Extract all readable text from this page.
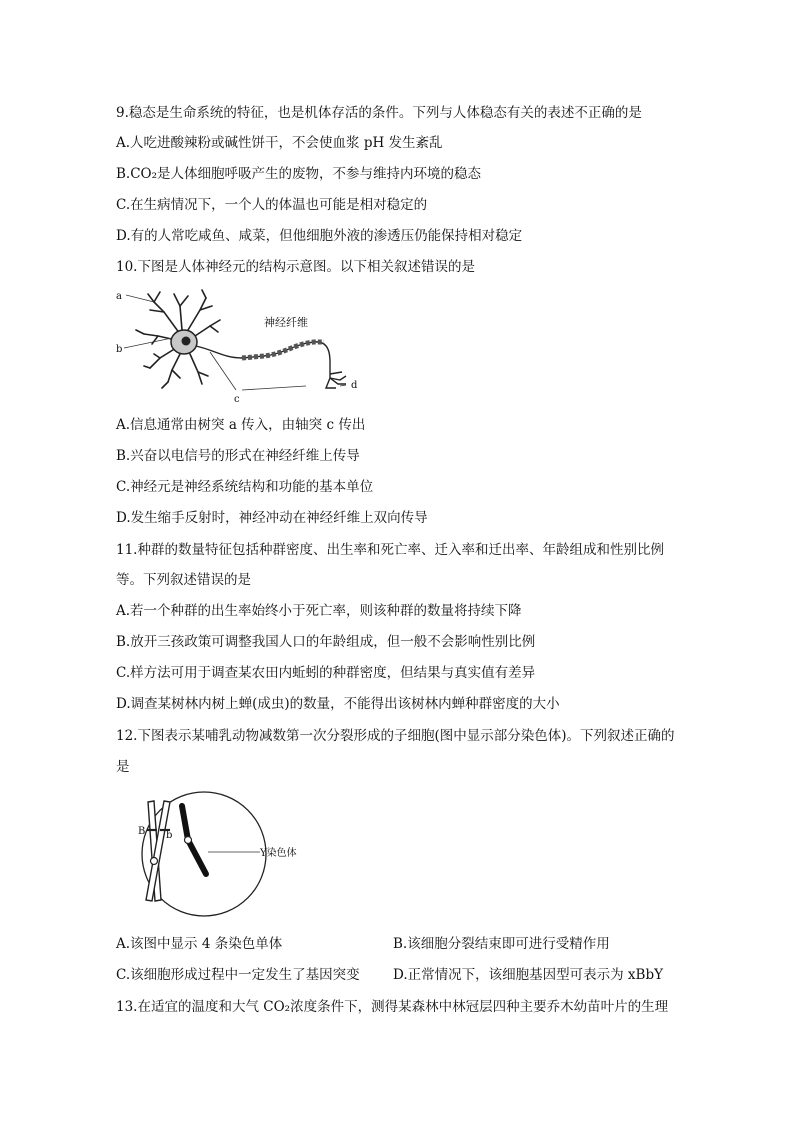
9.稳态是生命系统的特征，也是机体存活的条件。下列与人体稳态有关的表述不正确的是
A.人吃进酸辣粉或碱性饼干，不会使血浆 pH 发生紊乱
B.CO₂是人体细胞呼吸产生的废物，不参与维持内环境的稳态
C.在生病情况下，一个人的体温也可能是相对稳定的
D.有的人常吃咸鱼、咸菜，但他细胞外液的渗透压仍能保持相对稳定
10.下图是人体神经元的结构示意图。以下相关叙述错误的是
a
b
c
d
神经纤维
A.信息通常由树突 a 传入，由轴突 c 传出
B.兴奋以电信号的形式在神经纤维上传导
C.神经元是神经系统结构和功能的基本单位
D.发生缩手反射时，神经冲动在神经纤维上双向传导
11.种群的数量特征包括种群密度、出生率和死亡率、迁入率和迁出率、年龄组成和性别比例
等。下列叙述错误的是
A.若一个种群的出生率始终小于死亡率，则该种群的数量将持续下降
B.放开三孩政策可调整我国人口的年龄组成，但一般不会影响性别比例
C.样方法可用于调查某农田内蚯蚓的种群密度，但结果与真实值有差异
D.调查某树林内树上蝉(成虫)的数量，不能得出该树林内蝉种群密度的大小
12.下图表示某哺乳动物减数第一次分裂形成的子细胞(图中显示部分染色体)。下列叙述正确的
是
B b
Y染色体
A.该图中显示 4 条染色单体	B.该细胞分裂结束即可进行受精作用
C.该细胞形成过程中一定发生了基因突变 D.正常情况下，该细胞基因型可表示为 xBbY
13.在适宜的温度和大气 CO₂浓度条件下，测得某森林中林冠层四种主要乔木幼苗叶片的生理
